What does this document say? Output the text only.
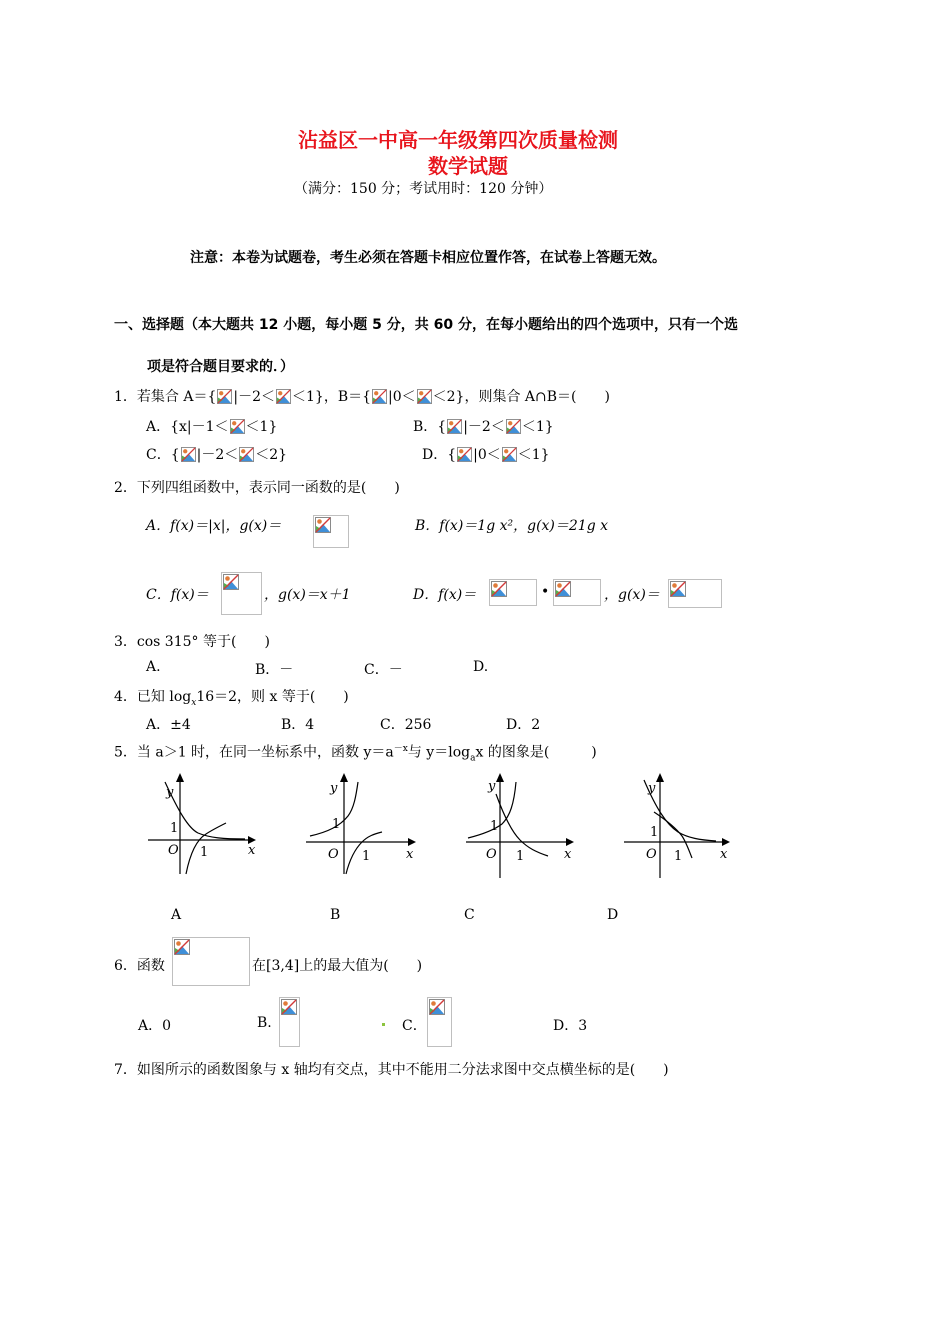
沾益区一中高一年级第四次质量检测
数学试题
（满分：150 分；考试用时：120 分钟）
注意：本卷为试题卷，考生必须在答题卡相应位置作答，在试卷上答题无效。
一、选择题（本大题共 12 小题，每小题 5 分，共 60 分，在每小题给出的四个选项中，只有一个选
项是符合题目要求的．）
1．若集合 A＝{ |－2＜ ＜1}，B＝{ |0＜ ＜2}，则集合 A∩B＝(　　)
A．{x|－1＜ ＜1}	B．{ |－2＜ ＜1}
C．{ |－2＜ ＜2}	D．{ |0＜ ＜1}
2．下列四组函数中，表示同一函数的是(　　)
A．f(x)＝|x|，g(x)＝	B．f(x)＝1g x²，g(x)＝21g x
C．f(x)＝	，g(x)＝x＋1	D．f(x)＝	•	，g(x)＝
3．cos 315° 等于(　　)
A.	B．－	C．－	D.
4．已知 $\log_x16=2$，则 x 等于(　　)
A．±4	B．4	C．256	D．2
5．当 a＞1 时，在同一坐标系中，函数 $y=a^{-x}$与 $y=\log_ax$ 的图象是(　　　)
y
x
O
1
1
y
x
O
1
1
y
x
O
1
1
y
x
O
1
1
A	B	C	D
6．函数	在[3,4]上的最大值为(　　)
A．0	B.	C．	D．3
7．如图所示的函数图象与 x 轴均有交点，其中不能用二分法求图中交点横坐标的是(　　)
